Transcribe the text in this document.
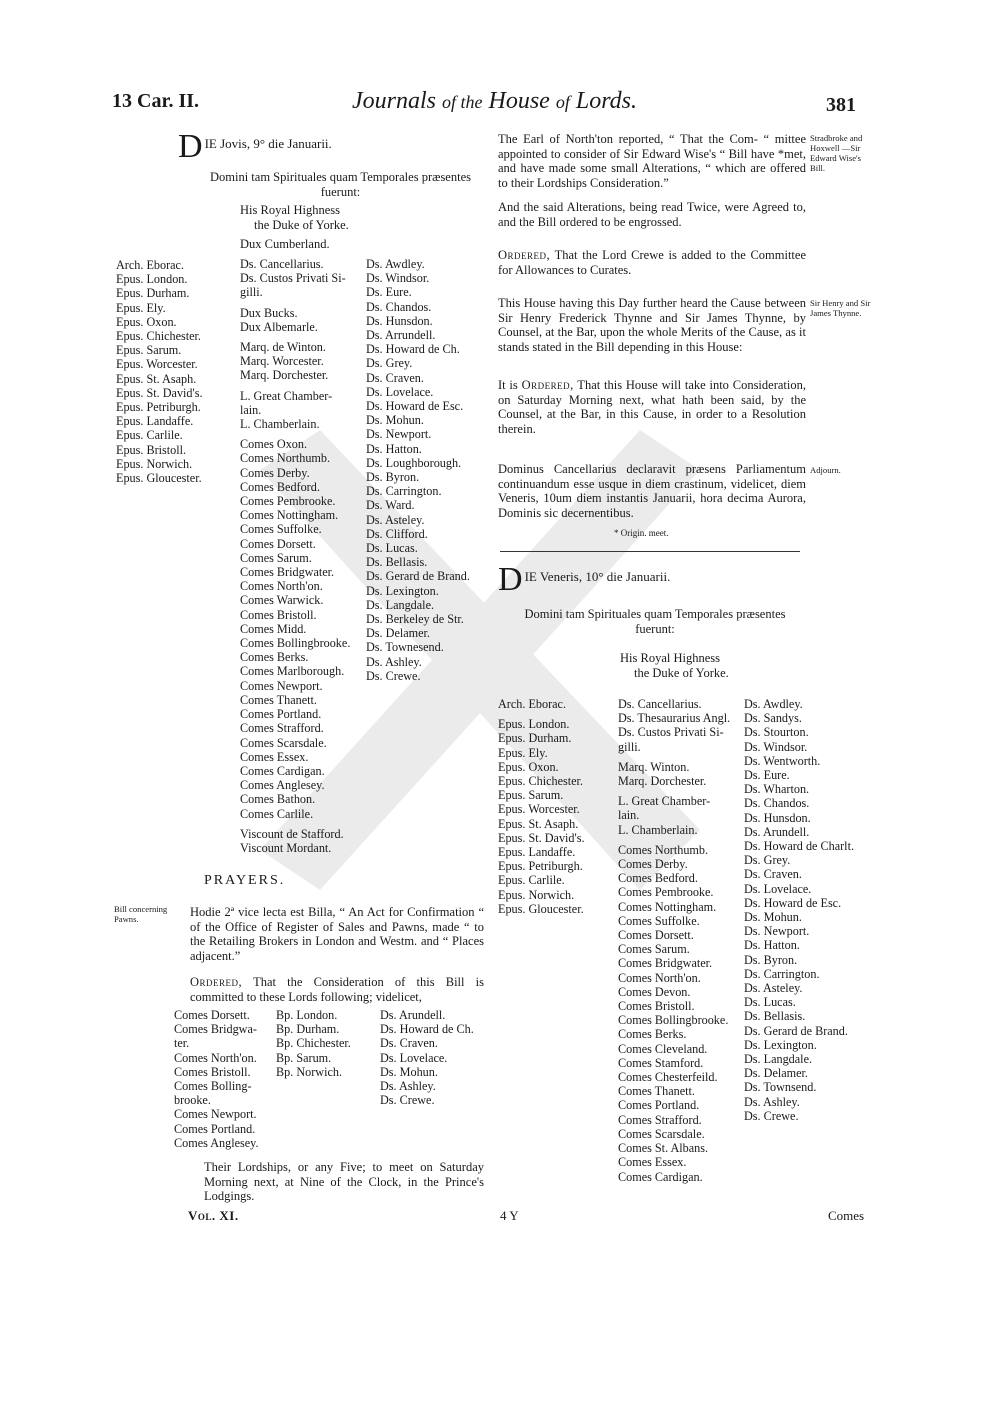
13 Car. II.	Journals of the House of Lords.	381
D IE Jovis, 9° die Januarii.
Domini tam Spirituales quam Temporales præsentes
fuerunt:
His Royal Highness
the Duke of Yorke.
Dux Cumberland.
Arch. Eborac.
Epus. London.
Epus. Durham.
Epus. Ely.
Epus. Oxon.
Epus. Chichester.
Epus. Sarum.
Epus. Worcester.
Epus. St. Asaph.
Epus. St. David's.
Epus. Petriburgh.
Epus. Landaffe.
Epus. Carlile.
Epus. Bristoll.
Epus. Norwich.
Epus. Gloucester.
Ds. Cancellarius.
Ds. Custos Privati Si-
gilli.
Dux Bucks.
Dux Albemarle.
Marq. de Winton.
Marq. Worcester.
Marq. Dorchester.
L. Great Chamber-
lain.
L. Chamberlain.
Comes Oxon.
Comes Northumb.
Comes Derby.
Comes Bedford.
Comes Pembrooke.
Comes Nottingham.
Comes Suffolke.
Comes Dorsett.
Comes Sarum.
Comes Bridgwater.
Comes North'on.
Comes Warwick.
Comes Bristoll.
Comes Midd.
Comes Bollingbrooke.
Comes Berks.
Comes Marlborough.
Comes Newport.
Comes Thanett.
Comes Portland.
Comes Strafford.
Comes Scarsdale.
Comes Essex.
Comes Cardigan.
Comes Anglesey.
Comes Bathon.
Comes Carlile.
Viscount de Stafford.
Viscount Mordant.
Ds. Awdley.
Ds. Windsor.
Ds. Eure.
Ds. Chandos.
Ds. Hunsdon.
Ds. Arrundell.
Ds. Howard de Ch.
Ds. Grey.
Ds. Craven.
Ds. Lovelace.
Ds. Howard de Esc.
Ds. Mohun.
Ds. Newport.
Ds. Hatton.
Ds. Loughborough.
Ds. Byron.
Ds. Carrington.
Ds. Ward.
Ds. Asteley.
Ds. Clifford.
Ds. Lucas.
Ds. Bellasis.
Ds. Gerard de Brand.
Ds. Lexington.
Ds. Langdale.
Ds. Berkeley de Str.
Ds. Delamer.
Ds. Townesend.
Ds. Ashley.
Ds. Crewe.
PRAYERS.
Bill concerning Pawns.	Hodie 2ª vice lecta est Billa, “ An Act for Confirmation “ of the Office of Register of Sales and Pawns, made “ to the Retailing Brokers in London and Westm. and “ Places adjacent.”
Ordered, That the Consideration of this Bill is committed to these Lords following; videlicet,
Comes Dorsett.
Comes Bridgwa-
ter.
Comes North'on.
Comes Bristoll.
Comes Bolling-
brooke.
Comes Newport.
Comes Portland.
Comes Anglesey.
Bp. London.
Bp. Durham.
Bp. Chichester.
Bp. Sarum.
Bp. Norwich.
Ds. Arundell.
Ds. Howard de Ch.
Ds. Craven.
Ds. Lovelace.
Ds. Mohun.
Ds. Ashley.
Ds. Crewe.
Their Lordships, or any Five; to meet on Saturday Morning next, at Nine of the Clock, in the Prince's Lodgings.
Stradbroke and Hoxwell —Sir Edward Wise's Bill.
The Earl of North'ton reported, “ That the Com- “ mittee appointed to consider of Sir Edward Wise's “ Bill have *met, and have made some small Alterations, “ which are offered to their Lordships Consideration.”
And the said Alterations, being read Twice, were Agreed to, and the Bill ordered to be engrossed.
Ordered, That the Lord Crewe is added to the Committee for Allowances to Curates.
Sir Henry and Sir James Thynne.
This House having this Day further heard the Cause between Sir Henry Frederick Thynne and Sir James Thynne, by Counsel, at the Bar, upon the whole Merits of the Cause, as it stands stated in the Bill depending in this House:
It is Ordered, That this House will take into Consideration, on Saturday Morning next, what hath been said, by the Counsel, at the Bar, in this Cause, in order to a Resolution therein.
Adjourn.
Dominus Cancellarius declaravit præsens Parliamentum continuandum esse usque in diem crastinum, videlicet, diem Veneris, 10um diem instantis Januarii, hora decima Aurora, Dominis sic decernentibus.
* Origin. meet.
D IE Veneris, 10° die Januarii.
Domini tam Spirituales quam Temporales præsentes
fuerunt:
His Royal Highness
the Duke of Yorke.
Arch. Eborac.
Epus. London.
Epus. Durham.
Epus. Ely.
Epus. Oxon.
Epus. Chichester.
Epus. Sarum.
Epus. Worcester.
Epus. St. Asaph.
Epus. St. David's.
Epus. Landaffe.
Epus. Petriburgh.
Epus. Carlile.
Epus. Norwich.
Epus. Gloucester.
Ds. Cancellarius.
Ds. Thesaurarius Angl.
Ds. Custos Privati Si-
gilli.
Marq. Winton.
Marq. Dorchester.
L. Great Chamber-
lain.
L. Chamberlain.
Comes Northumb.
Comes Derby.
Comes Bedford.
Comes Pembrooke.
Comes Nottingham.
Comes Suffolke.
Comes Dorsett.
Comes Sarum.
Comes Bridgwater.
Comes North'on.
Comes Devon.
Comes Bristoll.
Comes Bollingbrooke.
Comes Berks.
Comes Cleveland.
Comes Stamford.
Comes Chesterfeild.
Comes Thanett.
Comes Portland.
Comes Strafford.
Comes Scarsdale.
Comes St. Albans.
Comes Essex.
Comes Cardigan.
Ds. Awdley.
Ds. Sandys.
Ds. Stourton.
Ds. Windsor.
Ds. Wentworth.
Ds. Eure.
Ds. Wharton.
Ds. Chandos.
Ds. Hunsdon.
Ds. Arundell.
Ds. Howard de Charlt.
Ds. Grey.
Ds. Craven.
Ds. Lovelace.
Ds. Howard de Esc.
Ds. Mohun.
Ds. Newport.
Ds. Hatton.
Ds. Byron.
Ds. Carrington.
Ds. Asteley.
Ds. Lucas.
Ds. Bellasis.
Ds. Gerard de Brand.
Ds. Lexington.
Ds. Langdale.
Ds. Delamer.
Ds. Townsend.
Ds. Ashley.
Ds. Crewe.
Vol. XI.	4 Y	Comes
